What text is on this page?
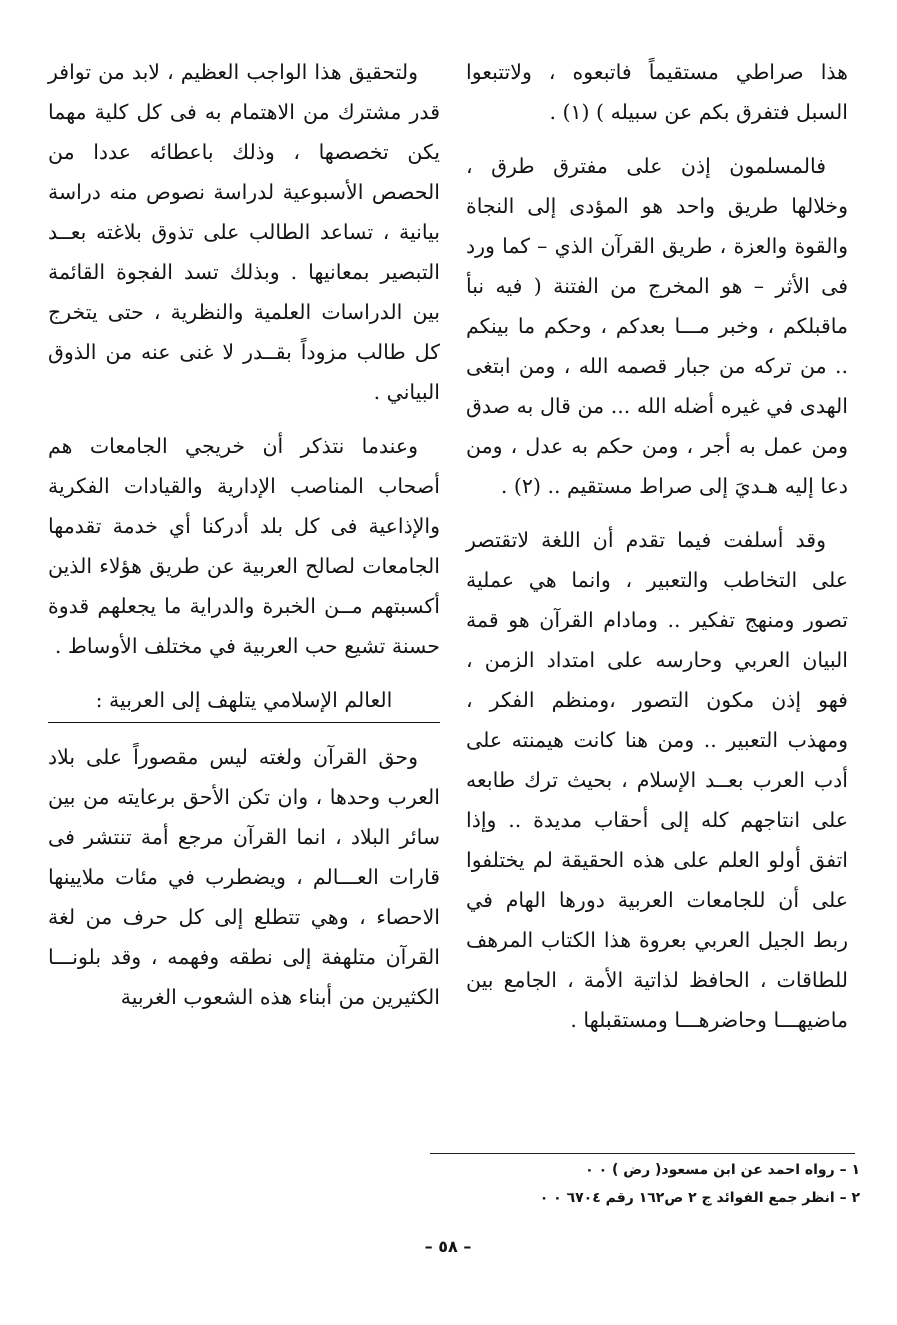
هذا صراطي مستقيماً فاتبعوه ، ولاتتبعوا السبل فتفرق بكم عن سبيله ) (١) .

فالمسلمون إذن على مفترق طرق ، وخلالها طريق واحد هو المؤدى إلى النجاة والقوة والعزة ، طريق القرآن الذي – كما ورد فى الأثر – هو المخرج من الفتنة ( فيه نبأ ماقبلكم ، وخبر مـــا بعدكم ، وحكم ما بينكم .. من تركه من جبار قصمه الله ، ومن ابتغى الهدى في غيره أضله الله ... من قال به صدق ومن عمل به أجر ، ومن حكم به عدل ، ومن دعا إليه هـديَ إلى صراط مستقيم .. (٢) .

وقد أسلفت فيما تقدم أن اللغة لاتقتصر على التخاطب والتعبير ، وانما هي عملية تصور ومنهج تفكير .. ومادام القرآن هو قمة البيان العربي وحارسه على امتداد الزمن ، فهو إذن مكون التصور ،ومنظم الفكر ، ومهذب التعبير .. ومن هنا كانت هيمنته على أدب العرب بعــد الإسلام ، بحيث ترك طابعه على انتاجهم كله إلى أحقاب مديدة .. وإذا اتفق أولو العلم على هذه الحقيقة لم يختلفوا على أن للجامعات العربية دورها الهام في ربط الجيل العربي بعروة هذا الكتاب المرهف للطاقات ، الحافظ لذاتية الأمة ، الجامع بين ماضيهـــا وحاضرهـــا ومستقبلها .

ولتحقيق هذا الواجب العظيم ، لابد من توافر قدر مشترك من الاهتمام به فى كل كلية مهما يكن تخصصها ، وذلك باعطائه عددا من الحصص الأسبوعية لدراسة نصوص منه دراسة بيانية ، تساعد الطالب على تذوق بلاغته بعــد التبصير بمعانيها . وبذلك تسد الفجوة القائمة بين الدراسات العلمية والنظرية ، حتى يتخرج كل طالب مزوداً بقــدر لا غنى عنه من الذوق البياني .

وعندما نتذكر أن خريجي الجامعات هم أصحاب المناصب الإدارية والقيادات الفكرية والإذاعية فى كل بلد أدركنا أي خدمة تقدمها الجامعات لصالح العربية عن طريق هؤلاء الذين أكسبتهم مــن الخبرة والدراية ما يجعلهم قدوة حسنة تشيع حب العربية في مختلف الأوساط .

العالم الإسلامي يتلهف إلى العربية :

وحق القرآن ولغته ليس مقصوراً على بلاد العرب وحدها ، وان تكن الأحق برعايته من بين سائر البلاد ، انما القرآن مرجع أمة تنتشر فى قارات العـــالم ، ويضطرب في مئات ملايينها الاحصاء ، وهي تتطلع إلى كل حرف من لغة القرآن متلهفة إلى نطقه وفهمه ، وقد بلونـــا الكثيرين من أبناء هذه الشعوب الغربية

١ – رواه احمد عن ابن مسعود( رض ) ٠ ٠
٢ – انظر جمع الفوائد ج ٢ ص١٦٢ رقم ٦٧٠٤ ٠ ٠
– ٥٨ –
